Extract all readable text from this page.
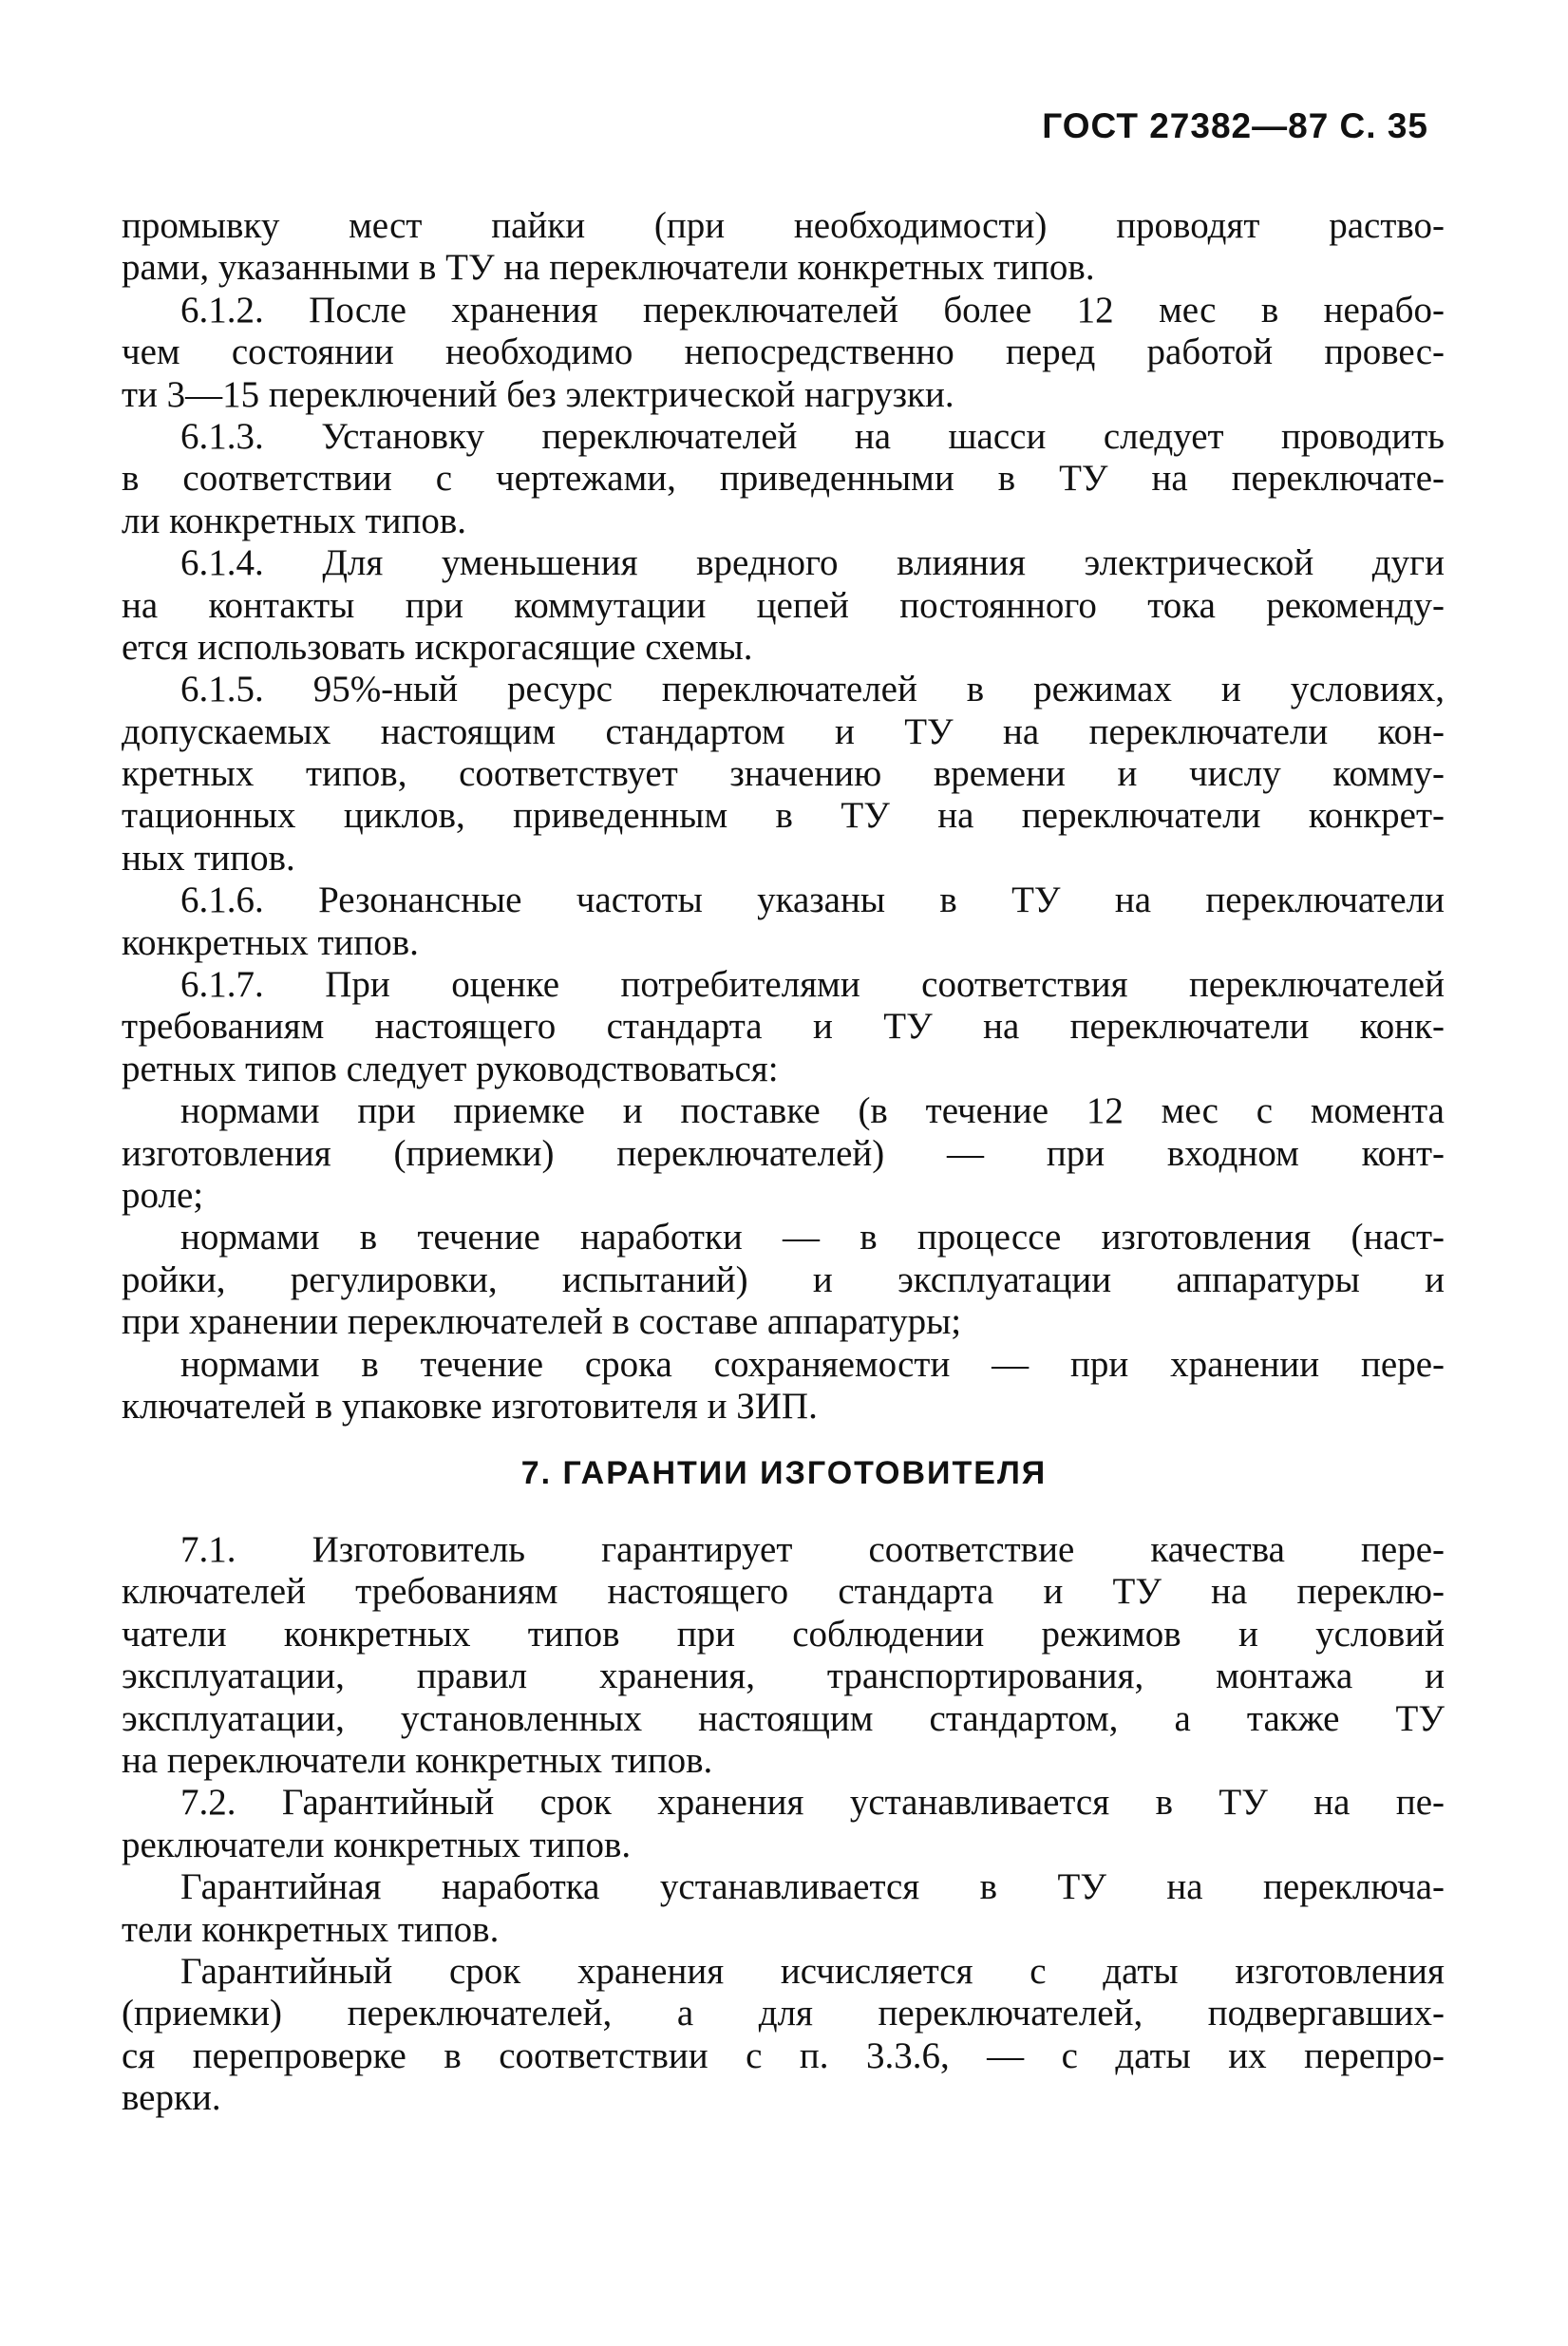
ГОСТ 27382—87 С. 35
промывку мест пайки (при необходимости) проводят раство-
рами, указанными в ТУ на переключатели конкретных типов.
6.1.2. После хранения переключателей более 12 мес в нерабо-
чем состоянии необходимо непосредственно перед работой провес-
ти 3—15 переключений без электрической нагрузки.
6.1.3. Установку переключателей на шасси следует проводить
в соответствии с чертежами, приведенными в ТУ на переключате-
ли конкретных типов.
6.1.4. Для уменьшения вредного влияния электрической дуги
на контакты при коммутации цепей постоянного тока рекоменду-
ется использовать искрогасящие схемы.
6.1.5. 95%-ный ресурс переключателей в режимах и условиях,
допускаемых настоящим стандартом и ТУ на переключатели кон-
кретных типов, соответствует значению времени и числу комму-
тационных циклов, приведенным в ТУ на переключатели конкрет-
ных типов.
6.1.6. Резонансные частоты указаны в ТУ на переключатели
конкретных типов.
6.1.7. При оценке потребителями соответствия переключателей
требованиям настоящего стандарта и ТУ на переключатели конк-
ретных типов следует руководствоваться:
нормами при приемке и поставке (в течение 12 мес с момента
изготовления (приемки) переключателей) — при входном конт-
роле;
нормами в течение наработки — в процессе изготовления (наст-
ройки, регулировки, испытаний) и эксплуатации аппаратуры и
при хранении переключателей в составе аппаратуры;
нормами в течение срока сохраняемости — при хранении пере-
ключателей в упаковке изготовителя и ЗИП.
7. ГАРАНТИИ ИЗГОТОВИТЕЛЯ
7.1. Изготовитель гарантирует соответствие качества пере-
ключателей требованиям настоящего стандарта и ТУ на переклю-
чатели конкретных типов при соблюдении режимов и условий
эксплуатации, правил хранения, транспортирования, монтажа и
эксплуатации, установленных настоящим стандартом, а также ТУ
на переключатели конкретных типов.
7.2. Гарантийный срок хранения устанавливается в ТУ на пе-
реключатели конкретных типов.
Гарантийная наработка устанавливается в ТУ на переключа-
тели конкретных типов.
Гарантийный срок хранения исчисляется с даты изготовления
(приемки) переключателей, а для переключателей, подвергавших-
ся перепроверке в соответствии с п. 3.3.6, — с даты их перепро-
верки.
